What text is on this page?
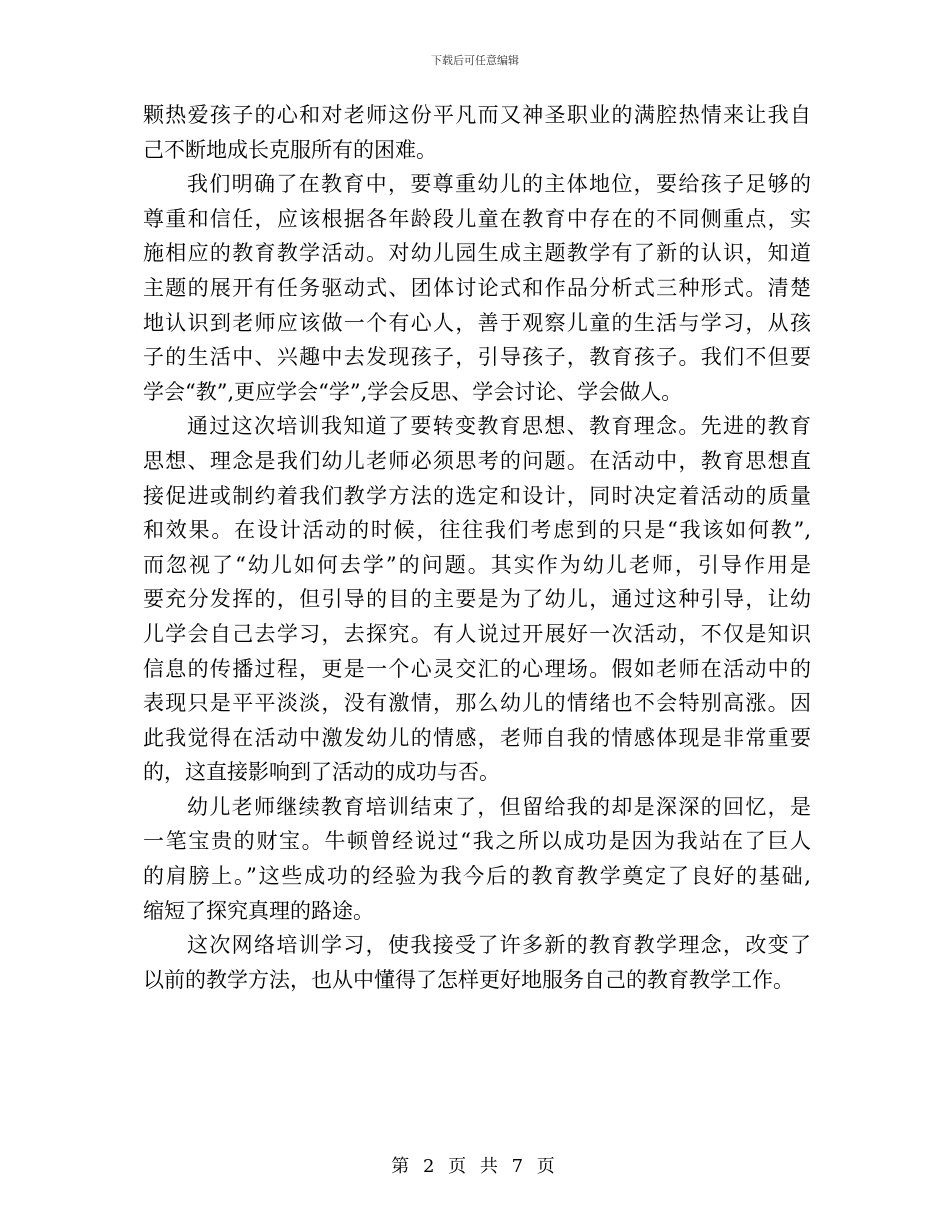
下载后可任意编辑
颗热爱孩子的心和对老师这份平凡而又神圣职业的满腔热情来让我自
己不断地成长克服所有的困难。
我们明确了在教育中，要尊重幼儿的主体地位，要给孩子足够的
尊重和信任，应该根据各年龄段儿童在教育中存在的不同侧重点，实
施相应的教育教学活动。对幼儿园生成主题教学有了新的认识，知道
主题的展开有任务驱动式、团体讨论式和作品分析式三种形式。清楚
地认识到老师应该做一个有心人，善于观察儿童的生活与学习，从孩
子的生活中、兴趣中去发现孩子，引导孩子，教育孩子。我们不但要
学会“教”,更应学会“学”,学会反思、学会讨论、学会做人。
通过这次培训我知道了要转变教育思想、教育理念。先进的教育
思想、理念是我们幼儿老师必须思考的问题。在活动中，教育思想直
接促进或制约着我们教学方法的选定和设计，同时决定着活动的质量
和效果。在设计活动的时候，往往我们考虑到的只是“我该如何教”,
而忽视了“幼儿如何去学”的问题。其实作为幼儿老师，引导作用是
要充分发挥的，但引导的目的主要是为了幼儿，通过这种引导，让幼
儿学会自己去学习，去探究。有人说过开展好一次活动，不仅是知识
信息的传播过程，更是一个心灵交汇的心理场。假如老师在活动中的
表现只是平平淡淡，没有激情，那么幼儿的情绪也不会特别高涨。因
此我觉得在活动中激发幼儿的情感，老师自我的情感体现是非常重要
的，这直接影响到了活动的成功与否。
幼儿老师继续教育培训结束了，但留给我的却是深深的回忆，是
一笔宝贵的财宝。牛顿曾经说过“我之所以成功是因为我站在了巨人
的肩膀上。”这些成功的经验为我今后的教育教学奠定了良好的基础,
缩短了探究真理的路途。
这次网络培训学习，使我接受了许多新的教育教学理念，改变了
以前的教学方法，也从中懂得了怎样更好地服务自己的教育教学工作。
第 2 页 共 7 页
